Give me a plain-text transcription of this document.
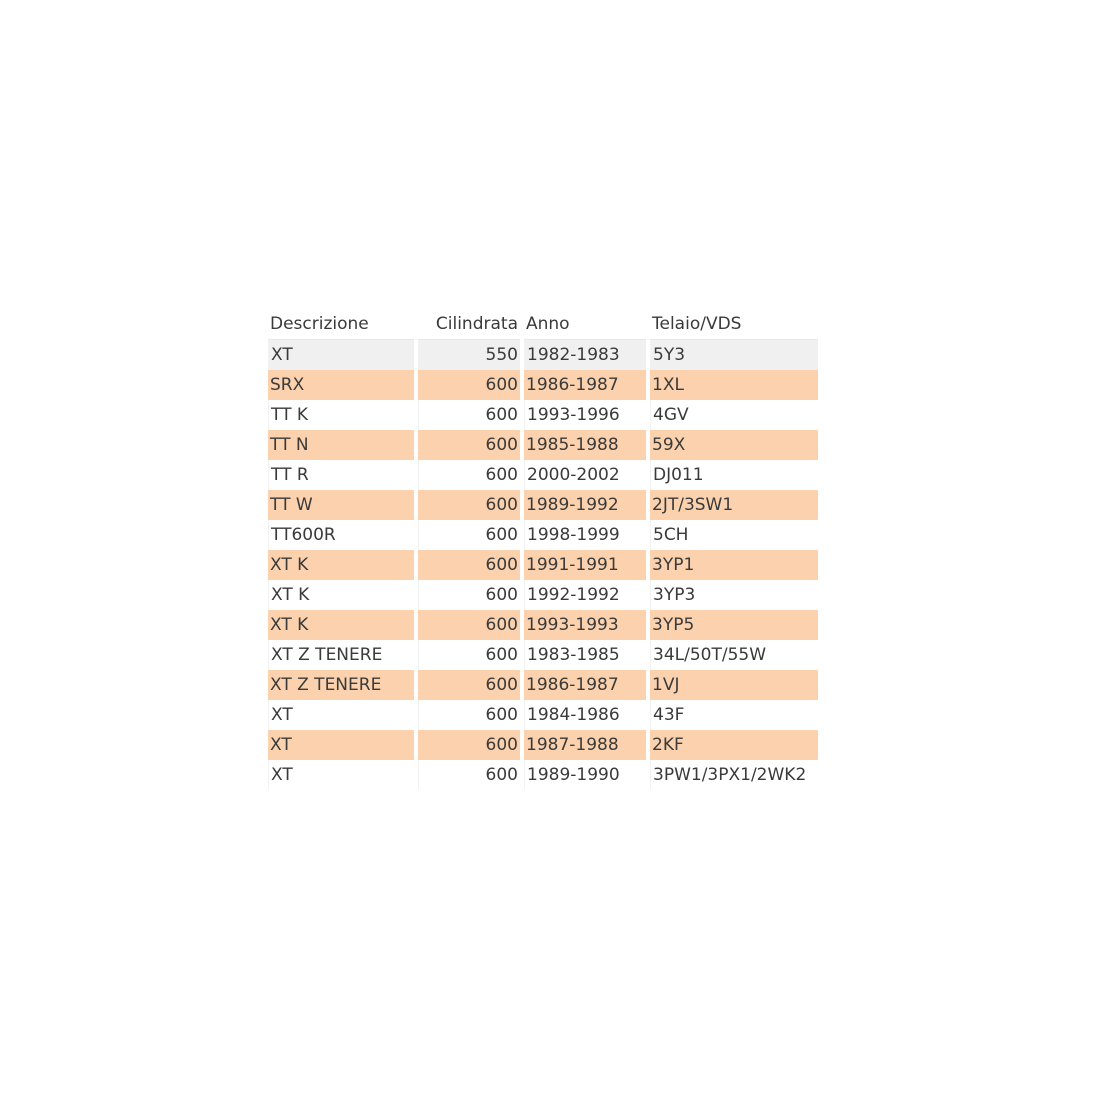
Descrizione	Cilindrata	Anno	Telaio/VDS
XT	550	1982-1983	5Y3
SRX	600	1986-1987	1XL
TT K	600	1993-1996	4GV
TT N	600	1985-1988	59X
TT R	600	2000-2002	DJ011
TT W	600	1989-1992	2JT/3SW1
TT600R	600	1998-1999	5CH
XT K	600	1991-1991	3YP1
XT K	600	1992-1992	3YP3
XT K	600	1993-1993	3YP5
XT Z TENERE	600	1983-1985	34L/50T/55W
XT Z TENERE	600	1986-1987	1VJ
XT	600	1984-1986	43F
XT	600	1987-1988	2KF
XT	600	1989-1990	3PW1/3PX1/2WK2
